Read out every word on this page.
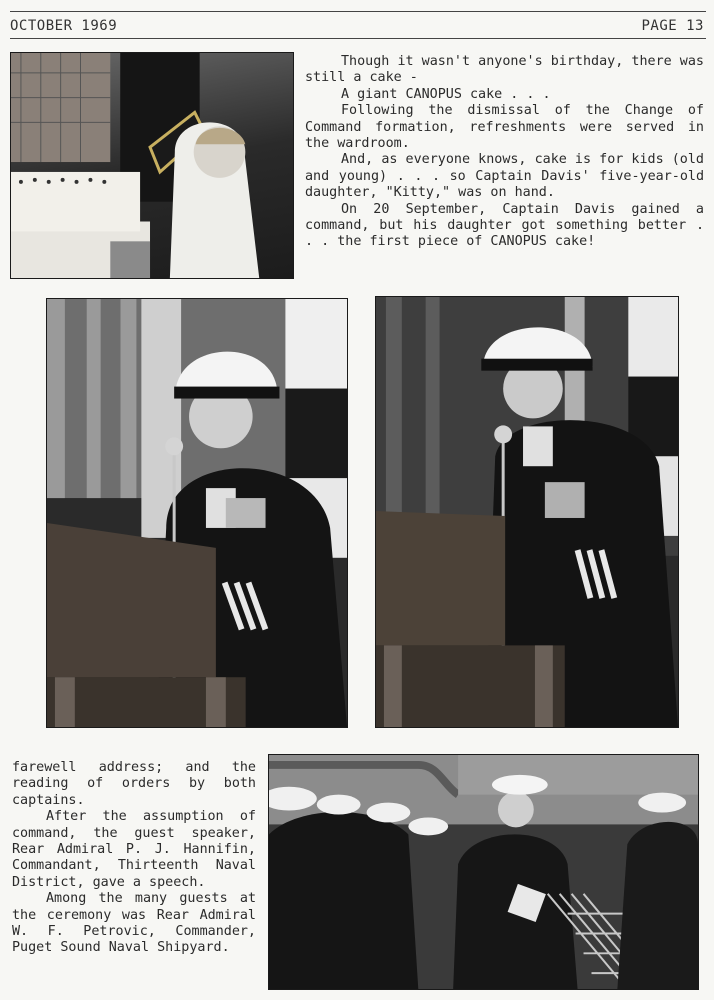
OCTOBER 1969	PAGE 13

Though it wasn't anyone's birthday, there was still a cake -

A giant CANOPUS cake . . .

Following the dismissal of the Change of Command formation, refreshments were served in the wardroom.

And, as everyone knows, cake is for kids (old and young) . . . so Captain Davis' five-year-old daughter, "Kitty," was on hand.

On 20 September, Captain Davis gained a command, but his daughter got something better . . . the first piece of CANOPUS cake!

farewell address; and the reading of orders by both captains.

After the assumption of command, the guest speaker, Rear Admiral P. J. Hannifin, Commandant, Thirteenth Naval District, gave a speech.

Among the many guests at the ceremony was Rear Admiral W. F. Petrovic, Commander, Puget Sound Naval Shipyard.
